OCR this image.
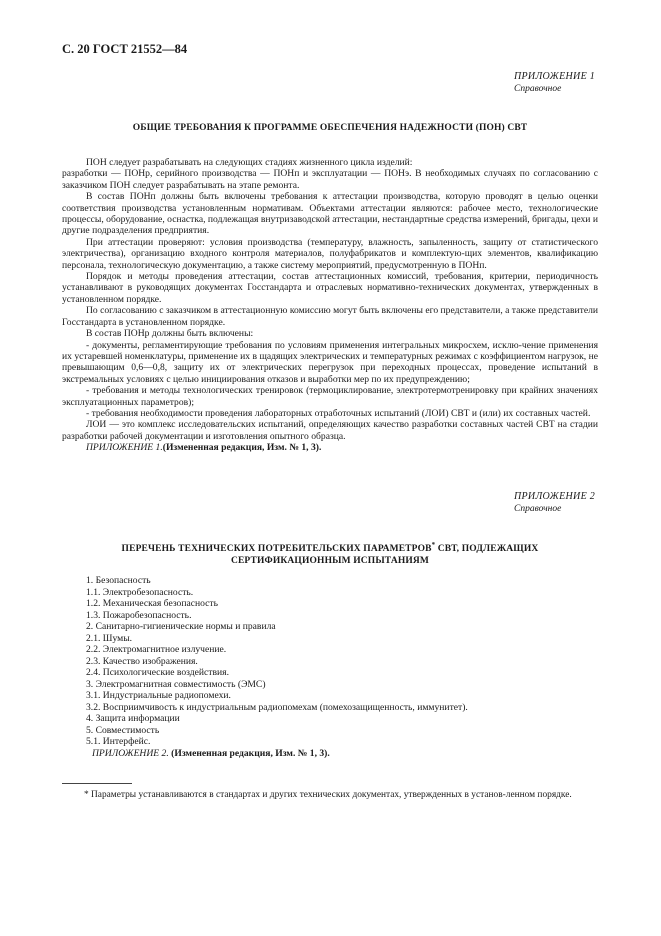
С. 20 ГОСТ 21552—84
ПРИЛОЖЕНИЕ 1
Справочное
ОБЩИЕ ТРЕБОВАНИЯ К ПРОГРАММЕ ОБЕСПЕЧЕНИЯ НАДЕЖНОСТИ (ПОН) СВТ

ПОН следует разрабатывать на следующих стадиях жизненного цикла изделий:

разработки — ПОНр, серийного производства — ПОНп и эксплуатации — ПОНэ. В необходимых случаях по согласованию с заказчиком ПОН следует разрабатывать на этапе ремонта.

В состав ПОНп должны быть включены требования к аттестации производства, которую проводят в целью оценки соответствия производства установленным нормативам. Объектами аттестации являются: рабочее место, технологические процессы, оборудование, оснастка, подлежащая внутризаводской аттестации, нестандартные средства измерений, бригады, цехи и другие подразделения предприятия.

При аттестации проверяют: условия производства (температуру, влажность, запыленность, защиту от статистического электричества), организацию входного контроля материалов, полуфабрикатов и комплектую-щих элементов, квалификацию персонала, технологическую документацию, а также систему мероприятий, предусмотренную в ПОНп.

Порядок и методы проведения аттестации, состав аттестационных комиссий, требования, критерии, периодичность устанавливают в руководящих документах Госстандарта и отраслевых нормативно-технических документах, утвержденных в установленном порядке.

По согласованию с заказчиком в аттестационную комиссию могут быть включены его представители, а также представители Госстандарта в установленном порядке.

В состав ПОНр должны быть включены:

- документы, регламентирующие требования по условиям применения интегральных микросхем, исклю-чение применения их устаревшей номенклатуры, применение их в щадящих электрических и температурных режимах с коэффициентом нагрузок, не превышающим 0,6—0,8, защиту их от электрических перегрузок при переходных процессах, проведение испытаний в экстремальных условиях с целью инициирования отказов и выработки мер по их предупреждению;

- требования и методы технологических тренировок (термоциклирование, электротермотренировку при крайних значениях эксплуатационных параметров);

- требования необходимости проведения лабораторных отработочных испытаний (ЛОИ) СВТ и (или) их составных частей.

ЛОИ — это комплекс исследовательских испытаний, определяющих качество разработки составных частей СВТ на стадии разработки рабочей документации и изготовления опытного образца.

ПРИЛОЖЕНИЕ 1.(Измененная редакция, Изм. № 1, 3).

ПРИЛОЖЕНИЕ 2
Справочное
ПЕРЕЧЕНЬ ТЕХНИЧЕСКИХ ПОТРЕБИТЕЛЬСКИХ ПАРАМЕТРОВ* СВТ, ПОДЛЕЖАЩИХ
СЕРТИФИКАЦИОННЫМ ИСПЫТАНИЯМ
1. Безопасность
1.1. Электробезопасность.
1.2. Механическая безопасность
1.3. Пожаробезопасность.
2. Санитарно-гигиенические нормы и правила
2.1. Шумы.
2.2. Электромагнитное излучение.
2.3. Качество изображения.
2.4. Психологические воздействия.
3. Электромагнитная совместимость (ЭМС)
3.1. Индустриальные радиопомехи.
3.2. Восприимчивость к индустриальным радиопомехам (помехозащищенность, иммунитет).
4. Защита информации
5. Совместимость
5.1. Интерфейс.
ПРИЛОЖЕНИЕ 2. (Измененная редакция, Изм. № 1, 3).
* Параметры устанавливаются в стандартах и других технических документах, утвержденных в установ-ленном порядке.
